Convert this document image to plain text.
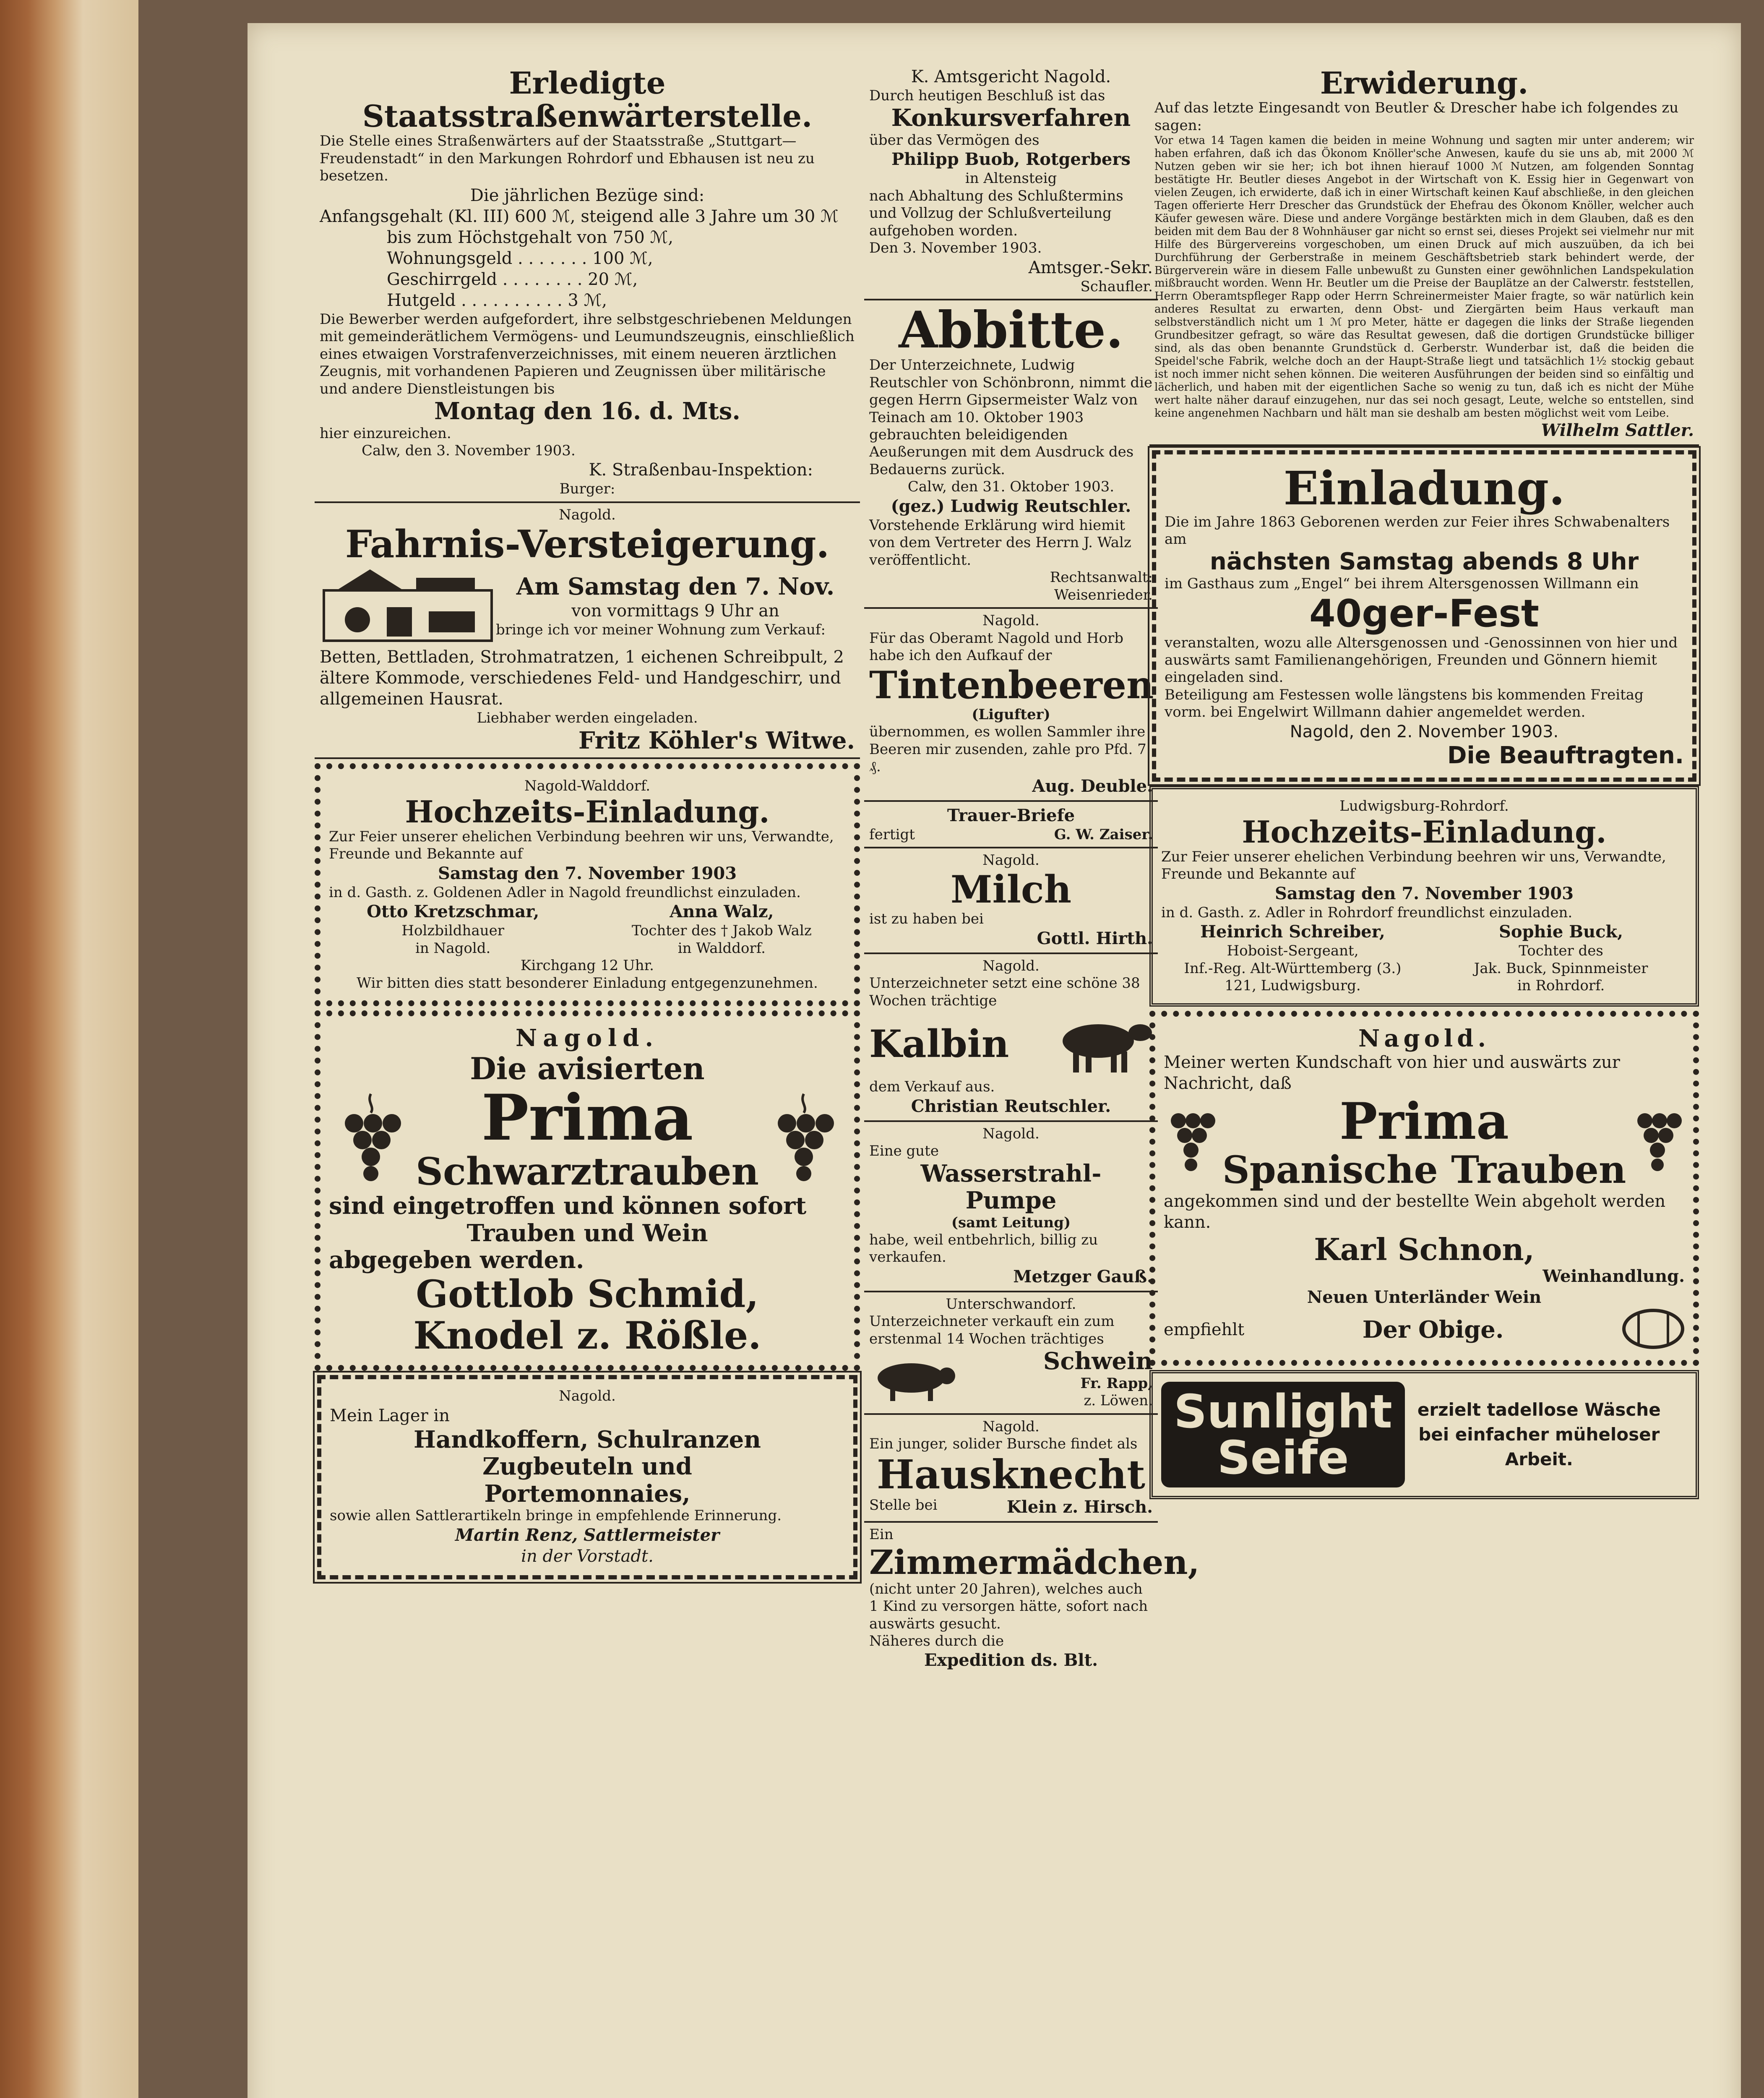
Erledigte
Staatsstraßenwärterstelle.
Die Stelle eines Straßenwärters auf der Staatsstraße „Stuttgart—Freudenstadt“ in den Markungen Rohrdorf und Ebhausen ist neu zu besetzen.
Die jährlichen Bezüge sind:
Anfangsgehalt (Kl. III) 600 ℳ, steigend alle 3 Jahre um 30 ℳ
bis zum Höchstgehalt von 750 ℳ,
Wohnungsgeld . . . . . . . 100 ℳ,
Geschirrgeld . . . . . . . . 20 ℳ,
Hutgeld . . . . . . . . . . 3 ℳ,
Die Bewerber werden aufgefordert, ihre selbstgeschriebenen Meldungen mit gemeinderätlichem Vermögens- und Leumundszeugnis, einschließlich eines etwaigen Vorstrafenverzeichnisses, mit einem neueren ärztlichen Zeugnis, mit vorhandenen Papieren und Zeugnissen über militärische und andere Dienstleistungen bis
Montag den 16. d. Mts.
hier einzureichen.
Calw, den 3. November 1903.
K. Straßenbau-Inspektion:
Burger:
Nagold.
Fahrnis-Versteigerung.
Am Samstag den 7. Nov.
von vormittags 9 Uhr an
bringe ich vor meiner Wohnung zum Verkauf:
Betten, Bettladen, Strohmatratzen, 1 eichenen Schreibpult, 2 ältere Kommode, verschiedenes Feld- und Handgeschirr, und allgemeinen Hausrat.
Liebhaber werden eingeladen.
Fritz Köhler's Witwe.
Nagold-Walddorf.
Hochzeits-Einladung.
Zur Feier unserer ehelichen Verbindung beehren wir uns, Verwandte, Freunde und Bekannte auf
Samstag den 7. November 1903
in d. Gasth. z. Goldenen Adler in Nagold freundlichst einzuladen.
Otto Kretzschmar,
Holzbildhauer
in Nagold.
Anna Walz,
Tochter des † Jakob Walz
in Walddorf.
Kirchgang 12 Uhr.
Wir bitten dies statt besonderer Einladung entgegenzunehmen.
Nagold.
Die avisierten
Prima
Schwarztrauben
sind eingetroffen und können sofort
Trauben und Wein
abgegeben werden.
Gottlob Schmid,
Knodel z. Rößle.
Nagold.
Mein Lager in
Handkoffern, Schulranzen
Zugbeuteln und
Portemonnaies,
sowie allen Sattlerartikeln bringe in empfehlende Erinnerung.
Martin Renz, Sattlermeister
in der Vorstadt.
K. Amtsgericht Nagold.
Durch heutigen Beschluß ist das
Konkursverfahren
über das Vermögen des
Philipp Buob, Rotgerbers
in Altensteig
nach Abhaltung des Schlußtermins und Vollzug der Schlußverteilung aufgehoben worden.
Den 3. November 1903.
Amtsger.-Sekr.
Schaufler.
Abbitte.
Der Unterzeichnete, Ludwig Reutschler von Schönbronn, nimmt die gegen Herrn Gipsermeister Walz von Teinach am 10. Oktober 1903 gebrauchten beleidigenden Aeußerungen mit dem Ausdruck des Bedauerns zurück.
Calw, den 31. Oktober 1903.
(gez.) Ludwig Reutschler.
Vorstehende Erklärung wird hiemit von dem Vertreter des Herrn J. Walz veröffentlicht.
Rechtsanwalt:
Weisenrieder.
Nagold.
Für das Oberamt Nagold und Horb habe ich den Aufkauf der
Tintenbeeren
(Ligufter)
übernommen, es wollen Sammler ihre Beeren mir zusenden, zahle pro Pfd. 7 ₰.
Aug. Deuble.
Trauer-Briefe
fertigt	G. W. Zaiser.
Nagold.
Milch
ist zu haben bei
Gottl. Hirth.
Nagold.
Unterzeichneter setzt eine schöne 38 Wochen trächtige
Kalbin
dem Verkauf aus.
Christian Reutschler.
Nagold.
Eine gute
Wasserstrahl-
Pumpe
(samt Leitung)
habe, weil entbehrlich, billig zu verkaufen.
Metzger Gauß.
Unterschwandorf.
Unterzeichneter verkauft ein zum erstenmal 14 Wochen trächtiges
Schwein
Fr. Rapp,
z. Löwen.
Nagold.
Ein junger, solider Bursche findet als
Hausknecht
Stelle bei	Klein z. Hirsch.
Ein
Zimmermädchen,
(nicht unter 20 Jahren), welches auch 1 Kind zu versorgen hätte, sofort nach auswärts gesucht.
Näheres durch die
Expedition ds. Blt.
Erwiderung.
Auf das letzte Eingesandt von Beutler & Drescher habe ich folgendes zu sagen:
Vor etwa 14 Tagen kamen die beiden in meine Wohnung und sagten mir unter anderem; wir haben erfahren, daß ich das Ökonom Knöller'sche Anwesen, kaufe du sie uns ab, mit 2000 ℳ Nutzen geben wir sie her; ich bot ihnen hierauf 1000 ℳ Nutzen, am folgenden Sonntag bestätigte Hr. Beutler dieses Angebot in der Wirtschaft von K. Essig hier in Gegenwart von vielen Zeugen, ich erwiderte, daß ich in einer Wirtschaft keinen Kauf abschließe, in den gleichen Tagen offerierte Herr Drescher das Grundstück der Ehefrau des Ökonom Knöller, welcher auch Käufer gewesen wäre. Diese und andere Vorgänge bestärkten mich in dem Glauben, daß es den beiden mit dem Bau der 8 Wohnhäuser gar nicht so ernst sei, dieses Projekt sei vielmehr nur mit Hilfe des Bürgervereins vorgeschoben, um einen Druck auf mich auszuüben, da ich bei Durchführung der Gerberstraße in meinem Geschäftsbetrieb stark behindert werde, der Bürgerverein wäre in diesem Falle unbewußt zu Gunsten einer gewöhnlichen Landspekulation mißbraucht worden. Wenn Hr. Beutler um die Preise der Bauplätze an der Calwerstr. feststellen, Herrn Oberamtspfleger Rapp oder Herrn Schreinermeister Maier fragte, so wär natürlich kein anderes Resultat zu erwarten, denn Obst- und Ziergärten beim Haus verkauft man selbstverständlich nicht um 1 ℳ pro Meter, hätte er dagegen die links der Straße liegenden Grundbesitzer gefragt, so wäre das Resultat gewesen, daß die dortigen Grundstücke billiger sind, als das oben benannte Grundstück d. Gerberstr. Wunderbar ist, daß die beiden die Speidel'sche Fabrik, welche doch an der Haupt-Straße liegt und tatsächlich 1½ stockig gebaut ist noch immer nicht sehen können. Die weiteren Ausführungen der beiden sind so einfältig und lächerlich, und haben mit der eigentlichen Sache so wenig zu tun, daß ich es nicht der Mühe wert halte näher darauf einzugehen, nur das sei noch gesagt, Leute, welche so entstellen, sind keine angenehmen Nachbarn und hält man sie deshalb am besten möglichst weit vom Leibe.
Wilhelm Sattler.
Einladung.
Die im Jahre 1863 Geborenen werden zur Feier ihres Schwabenalters am
nächsten Samstag abends 8 Uhr
im Gasthaus zum „Engel“ bei ihrem Altersgenossen Willmann ein
40ger-Fest
veranstalten, wozu alle Altersgenossen und -Genossinnen von hier und auswärts samt Familienangehörigen, Freunden und Gönnern hiemit eingeladen sind.
Beteiligung am Festessen wolle längstens bis kommenden Freitag vorm. bei Engelwirt Willmann dahier angemeldet werden.
Nagold, den 2. November 1903.
Die Beauftragten.
Ludwigsburg-Rohrdorf.
Hochzeits-Einladung.
Zur Feier unserer ehelichen Verbindung beehren wir uns, Verwandte, Freunde und Bekannte auf
Samstag den 7. November 1903
in d. Gasth. z. Adler in Rohrdorf freundlichst einzuladen.
Heinrich Schreiber,
Hoboist-Sergeant,
Inf.-Reg. Alt-Württemberg (3.)
121, Ludwigsburg.
Sophie Buck,
Tochter des
Jak. Buck, Spinnmeister
in Rohrdorf.
Nagold.
Meiner werten Kundschaft von hier und auswärts zur Nachricht, daß
Prima
Spanische Trauben
angekommen sind und der bestellte Wein abgeholt werden kann.
Karl Schnon,
Weinhandlung.
Neuen Unterländer Wein
empfiehlt	Der Obige.
Sunlight
Seife
erzielt tadellose Wäsche
bei einfacher müheloser
Arbeit.
